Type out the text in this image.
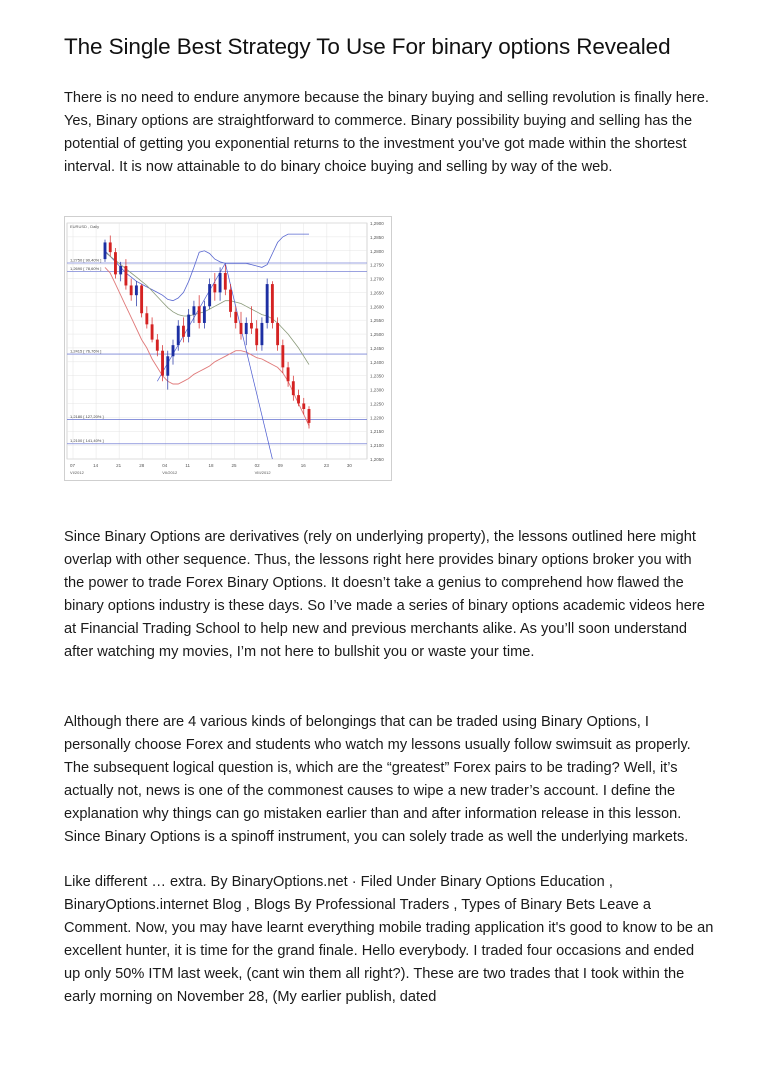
The Single Best Strategy To Use For binary options Revealed

There is no need to endure anymore because the binary buying and selling revolution is finally here. Yes, Binary options are straightforward to commerce. Binary possibility buying and selling has the potential of getting you exponential returns to the investment you've got made within the shortest interval. It is now attainable to do binary choice buying and selling by way of the web.

1,2900
1,2850
1,2800
1,2750
1,2700
1,2650
1,2600
1,2550
1,2500
1,2450
1,2400
1,2350
1,2300
1,2250
1,2200
1,2150
1,2100
1,2050
07	14	21	28	04	11	18	25	02	09	16	23	30
VI/2012	VII/2012	VIII/2012
EURUSD , Daily
1,2750 [ 90,40% ]
1,2690 [ 78,60% ]
1,2415 [ 76,76% ]
1,2180 [ 127,20% ]
1,2100 [ 141,40% ]

Since Binary Options are derivatives (rely on underlying property), the lessons outlined here might overlap with other sequence. Thus, the lessons right here provides binary options broker you with the power to trade Forex Binary Options. It doesn’t take a genius to comprehend how flawed the binary options industry is these days. So I’ve made a series of binary options academic videos here at Financial Trading School to help new and previous merchants alike. As you’ll soon understand after watching my movies, I’m not here to bullshit you or waste your time.

Although there are 4 various kinds of belongings that can be traded using Binary Options, I personally choose Forex and students who watch my lessons usually follow swimsuit as properly. The subsequent logical question is, which are the “greatest” Forex pairs to be trading? Well, it’s actually not, news is one of the commonest causes to wipe a new trader’s account. I define the explanation why things can go mistaken earlier than and after information release in this lesson. Since Binary Options is a spinoff instrument, you can solely trade as well the underlying markets.

Like different … extra. By BinaryOptions.net · Filed Under Binary Options Education , BinaryOptions.internet Blog , Blogs By Professional Traders , Types of Binary Bets Leave a Comment. Now, you may have learnt everything mobile trading application it's good to know to be an excellent hunter, it is time for the grand finale. Hello everybody. I traded four occasions and ended up only 50% ITM last week, (cant win them all right?). These are two trades that I took within the early morning on November 28, (My earlier publish, dated
